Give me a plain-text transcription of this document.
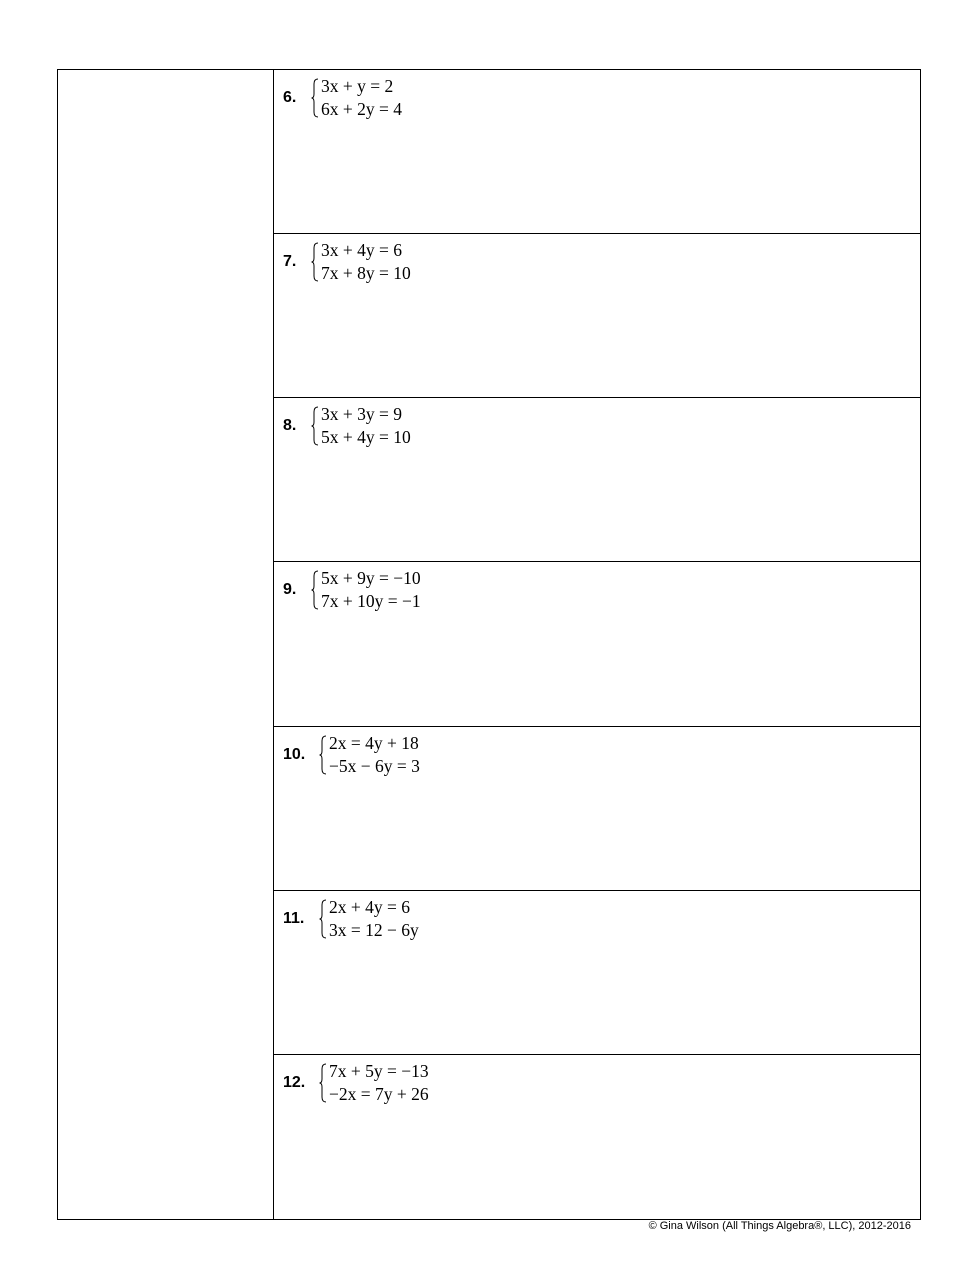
6.
3x + y = 2
6x + 2y = 4
7.
3x + 4y = 6
7x + 8y = 10
8.
3x + 3y = 9
5x + 4y = 10
9.
5x + 9y = −10
7x + 10y = −1
10.
2x = 4y + 18
−5x − 6y = 3
11.
2x + 4y = 6
3x = 12 − 6y
12.
7x + 5y = −13
−2x = 7y + 26
© Gina Wilson (All Things Algebra®, LLC), 2012-2016
